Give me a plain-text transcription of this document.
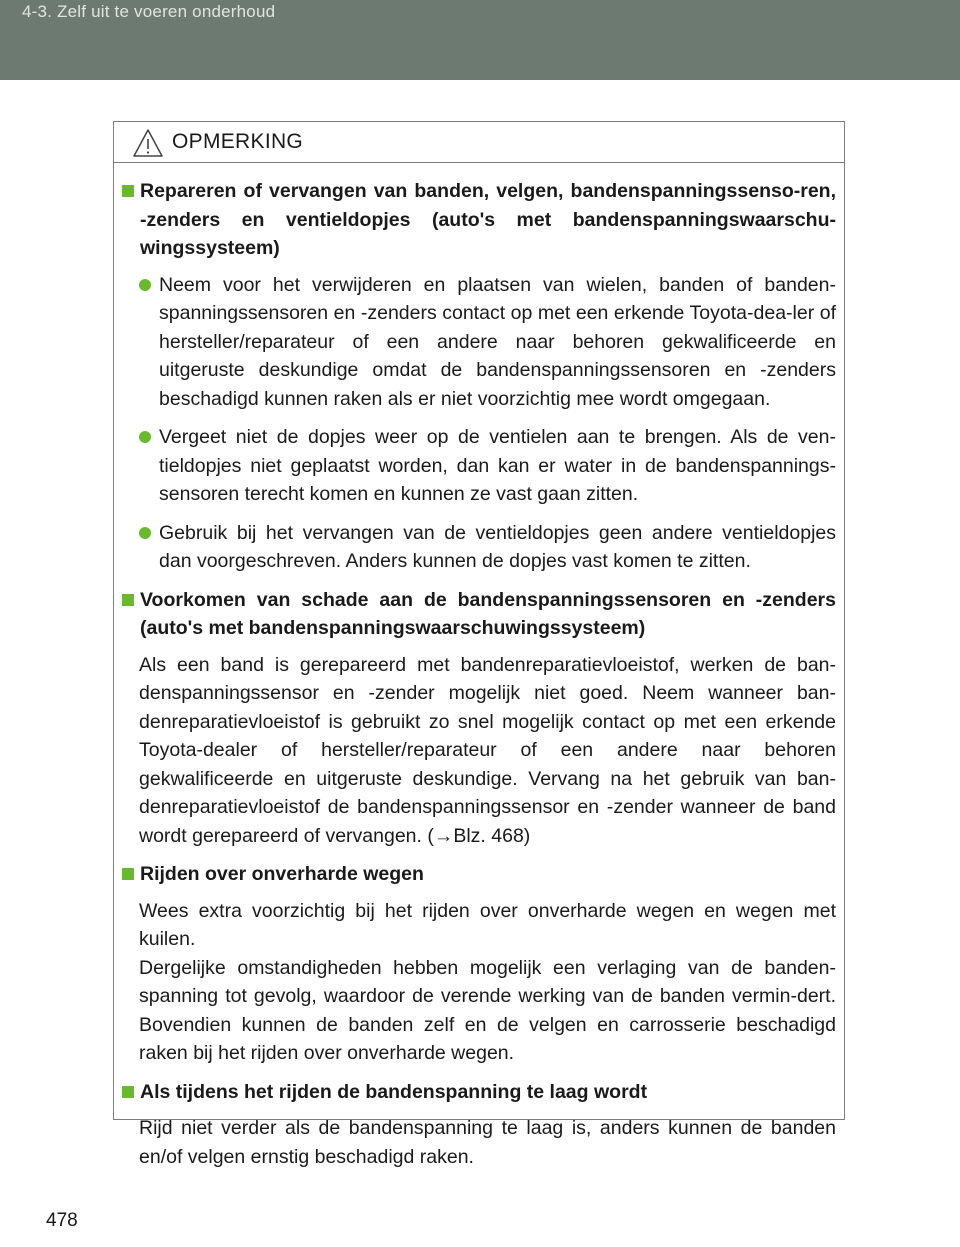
4-3. Zelf uit te voeren onderhoud
OPMERKING
Repareren of vervangen van banden, velgen, bandenspanningssenso-ren, -zenders en ventieldopjes (auto's met bandenspanningswaarschu-wingssysteem)
Neem voor het verwijderen en plaatsen van wielen, banden of banden-spanningssensoren en -zenders contact op met een erkende Toyota-dea-ler of hersteller/reparateur of een andere naar behoren gekwalificeerde en uitgeruste deskundige omdat de bandenspanningssensoren en -zenders beschadigd kunnen raken als er niet voorzichtig mee wordt omgegaan.
Vergeet niet de dopjes weer op de ventielen aan te brengen. Als de ven-tieldopjes niet geplaatst worden, dan kan er water in de bandenspannings-sensoren terecht komen en kunnen ze vast gaan zitten.
Gebruik bij het vervangen van de ventieldopjes geen andere ventieldopjes dan voorgeschreven. Anders kunnen de dopjes vast komen te zitten.
Voorkomen van schade aan de bandenspanningssensoren en -zenders (auto's met bandenspanningswaarschuwingssysteem)
Als een band is gerepareerd met bandenreparatievloeistof, werken de ban-denspanningssensor en -zender mogelijk niet goed. Neem wanneer ban-denreparatievloeistof is gebruikt zo snel mogelijk contact op met een erkende Toyota-dealer of hersteller/reparateur of een andere naar behoren gekwalificeerde en uitgeruste deskundige. Vervang na het gebruik van ban-denreparatievloeistof de bandenspanningssensor en -zender wanneer de band wordt gerepareerd of vervangen. (→Blz. 468)
Rijden over onverharde wegen
Wees extra voorzichtig bij het rijden over onverharde wegen en wegen met kuilen.
Dergelijke omstandigheden hebben mogelijk een verlaging van de banden-spanning tot gevolg, waardoor de verende werking van de banden vermin-dert. Bovendien kunnen de banden zelf en de velgen en carrosserie beschadigd raken bij het rijden over onverharde wegen.
Als tijdens het rijden de bandenspanning te laag wordt
Rijd niet verder als de bandenspanning te laag is, anders kunnen de banden en/of velgen ernstig beschadigd raken.
478
